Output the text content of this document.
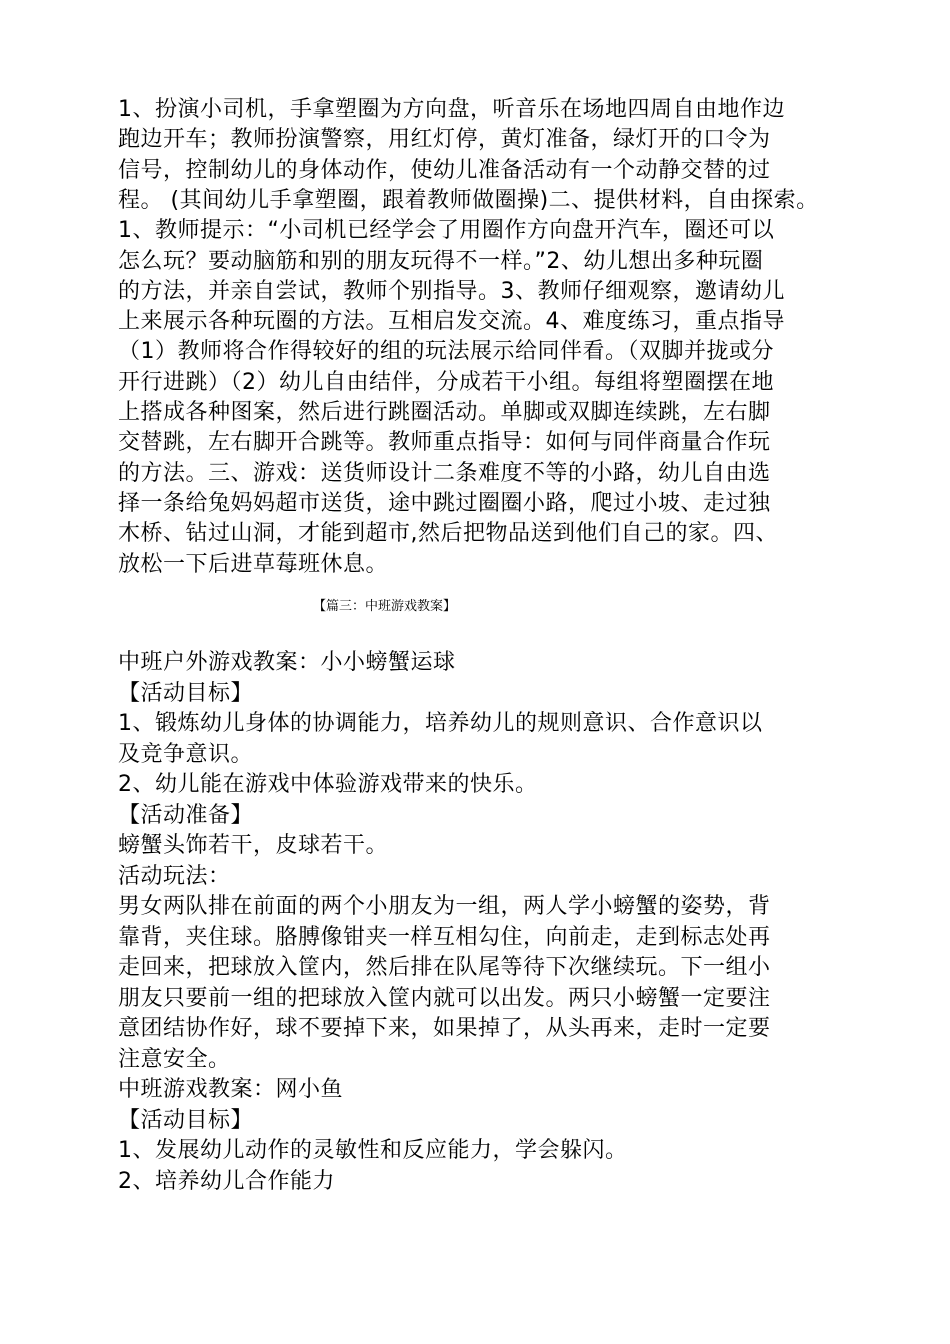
1、扮演小司机，手拿塑圈为方向盘，听音乐在场地四周自由地作边
跑边开车；教师扮演警察，用红灯停，黄灯准备，绿灯开的口令为
信号，控制幼儿的身体动作，使幼儿准备活动有一个动静交替的过
程。 (其间幼儿手拿塑圈，跟着教师做圈操)二、提供材料，自由探索。
1、教师提示：“小司机已经学会了用圈作方向盘开汽车，圈还可以
怎么玩？要动脑筋和别的朋友玩得不一样。”2、幼儿想出多种玩圈
的方法，并亲自尝试，教师个别指导。3、教师仔细观察，邀请幼儿
上来展示各种玩圈的方法。互相启发交流。4、难度练习，重点指导
（1）教师将合作得较好的组的玩法展示给同伴看。（双脚并拢或分
开行进跳）（2）幼儿自由结伴，分成若干小组。每组将塑圈摆在地
上搭成各种图案，然后进行跳圈活动。单脚或双脚连续跳，左右脚
交替跳，左右脚开合跳等。教师重点指导：如何与同伴商量合作玩
的方法。三、游戏：送货师设计二条难度不等的小路，幼儿自由选
择一条给兔妈妈超市送货，途中跳过圈圈小路，爬过小坡、走过独
木桥、钻过山洞，才能到超市,然后把物品送到他们自己的家。四、
放松一下后进草莓班休息。
【篇三：中班游戏教案】
中班户外游戏教案：小小螃蟹运球
【活动目标】
1、锻炼幼儿身体的协调能力，培养幼儿的规则意识、合作意识以
及竞争意识。
2、幼儿能在游戏中体验游戏带来的快乐。
【活动准备】
螃蟹头饰若干，皮球若干。
活动玩法：
男女两队排在前面的两个小朋友为一组，两人学小螃蟹的姿势，背
靠背，夹住球。胳膊像钳夹一样互相勾住，向前走，走到标志处再
走回来，把球放入筐内，然后排在队尾等待下次继续玩。下一组小
朋友只要前一组的把球放入筐内就可以出发。两只小螃蟹一定要注
意团结协作好，球不要掉下来，如果掉了，从头再来，走时一定要
注意安全。
中班游戏教案：网小鱼
【活动目标】
1、发展幼儿动作的灵敏性和反应能力，学会躲闪。
2、培养幼儿合作能力
